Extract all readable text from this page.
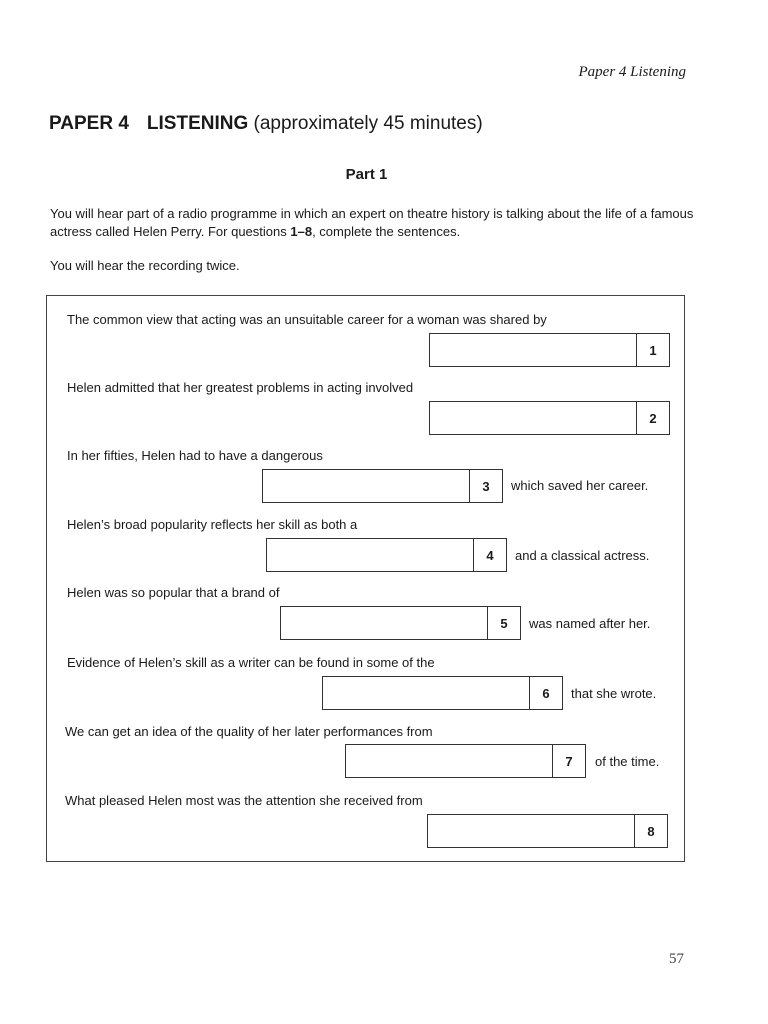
Paper 4 Listening
PAPER 4 LISTENING (approximately 45 minutes)
Part 1

You will hear part of a radio programme in which an expert on theatre history is talking about the life of a famous actress called Helen Perry. For questions 1–8, complete the sentences.

You will hear the recording twice.

The common view that acting was an unsuitable career for a woman was shared by

1

Helen admitted that her greatest problems in acting involved

2

In her fifties, Helen had to have a dangerous

3	which saved her career.

Helen’s broad popularity reflects her skill as both a

4	and a classical actress.

Helen was so popular that a brand of

5	was named after her.

Evidence of Helen’s skill as a writer can be found in some of the

6	that she wrote.

We can get an idea of the quality of her later performances from

7	of the time.

What pleased Helen most was the attention she received from

8
57
